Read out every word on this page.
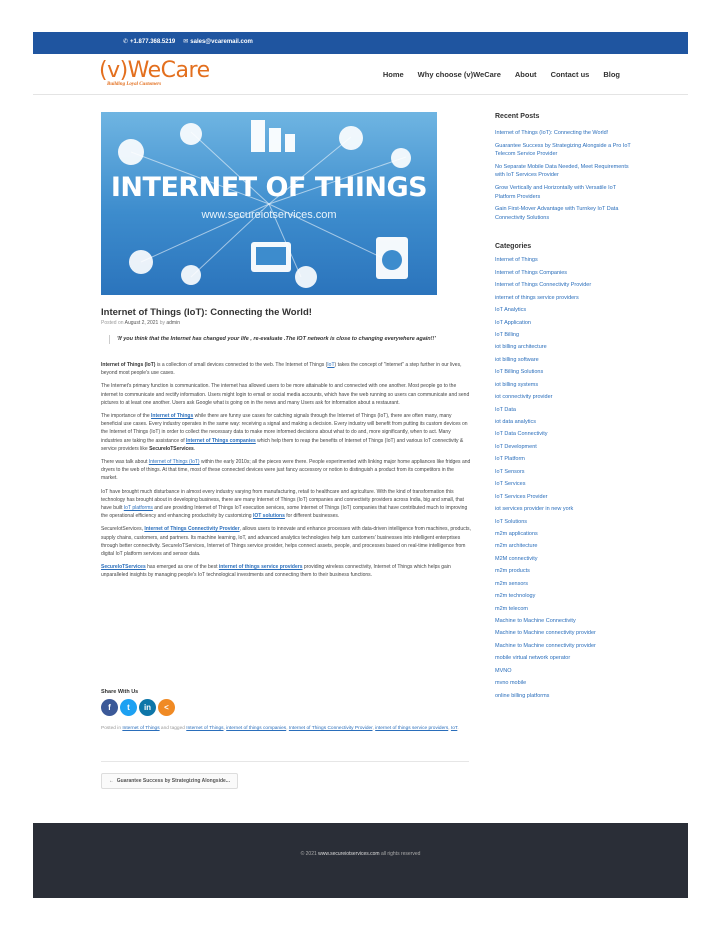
✆ +1.877.368.5219 ✉ sales@vcaremail.com
(v)WeCare
Building Loyal Customers
Home Why choose (v)WeCare About Contact us Blog
INTERNET OF THINGS
www.secureiotservices.com
Internet of Things (IoT): Connecting the World!
Posted on August 2, 2021 by admin
'If you think that the Internet has changed your life , re-evaluate .The IOT network is close to changing everywhere again!!'

Internet of Things (IoT) is a collection of small devices connected to the web. The Internet of Things (IoT) takes the concept of "internet" a step further in our lives, beyond most people's use cases.

The Internet's primary function is communication. The internet has allowed users to be more attainable to and connected with one another. Most people go to the internet to communicate and rectify information. Users might login to email or social media accounts, which have the web running so users can communicate and send pictures to at least one another. Users ask Google what is going on in the news and many Users ask for information about a restaurant.

The importance of the Internet of Things while there are funny use cases for catching signals through the Internet of Things (IoT), there are often many, many beneficial use cases. Every industry operates in the same way: receiving a signal and making a decision. Every industry will benefit from putting its custom devices on the Internet of Things (IoT) in order to collect the necessary data to make more informed decisions about what to do and, more significantly, when to act. Many industries are taking the assistance of Internet of Things companies which help them to reap the benefits of Internet of Things (IoT) and various IoT connectivity & service providers like SecureIoTServices.

There was talk about Internet of Things (IoT) within the early 2010s; all the pieces were there. People experimented with linking major home appliances like fridges and dryers to the web of things. At that time, most of these connected devices were just fancy accessory or notion to distinguish a product from its competitors in the market.

IoT have brought much disturbance in almost every industry varying from manufacturing, retail to healthcare and agriculture. With the kind of transformation this technology has brought about in developing business, there are many Internet of Things (IoT) companies and connectivity providers across India, big and small, that have built IoT platforms and are providing Internet of Things IoT execution services, some Internet of Things (IoT) companies that have contributed much to improving the operational efficiency and enhancing productivity by customizing IOT solutions for different businesses.

SecureIotServices, Internet of Things Connectivity Provider, allows users to innovate and enhance processes with data-driven intelligence from machines, products, supply chains, customers, and partners. Its machine learning, IoT, and advanced analytics technologies help turn customers' businesses into intelligent enterprises through better connectivity. SecureIoTServices, Internet of Things service provider, helps connect assets, people, and processes based on real-time intelligence from digital IoT platform services and sensor data.

SecureIoTServices has emerged as one of the best internet of things service providers providing wireless connectivity, Internet of Things which helps gain unparalleled insights by managing people's IoT technological investments and connecting them to their business functions.

Share With Us
f t in <
Posted in Internet of Things and tagged Internet of Things, internet of things companies, Internet of Things Connectivity Provider, internet of things service providers, IoT.
← Guarantee Success by Strategizing Alongside...
Recent Posts
Internet of Things (IoT): Connecting the World!
Guarantee Success by Strategizing Alongside a Pro IoT Telecom Service Provider
No Separate Mobile Data Needed, Meet Requirements with IoT Services Provider
Grow Vertically and Horizontally with Versatile IoT Platform Providers
Gain First-Mover Advantage with Turnkey IoT Data Connectivity Solutions
Categories
Internet of Things
Internet of Things Companies
Internet of Things Connectivity Provider
internet of things service providers
IoT Analytics
IoT Application
IoT Billing
iot billing architecture
iot billing software
IoT Billing Solutions
iot billing systems
iot connectivity provider
IoT Data
iot data analytics
IoT Data Connectivity
IoT Development
IoT Platform
IoT Sensors
IoT Services
IoT Services Provider
iot services provider in new york
IoT Solutions
m2m applications
m2m architecture
M2M connectivity
m2m products
m2m sensors
m2m technology
m2m telecom
Machine to Machine Connectivity
Machine to Machine connectivity provider
Machine to Machine connectivity provider
mobile virtual network operator
MVNO
mvno mobile
online billing platforms
© 2021 www.secureiotservices.com all rights reserved
